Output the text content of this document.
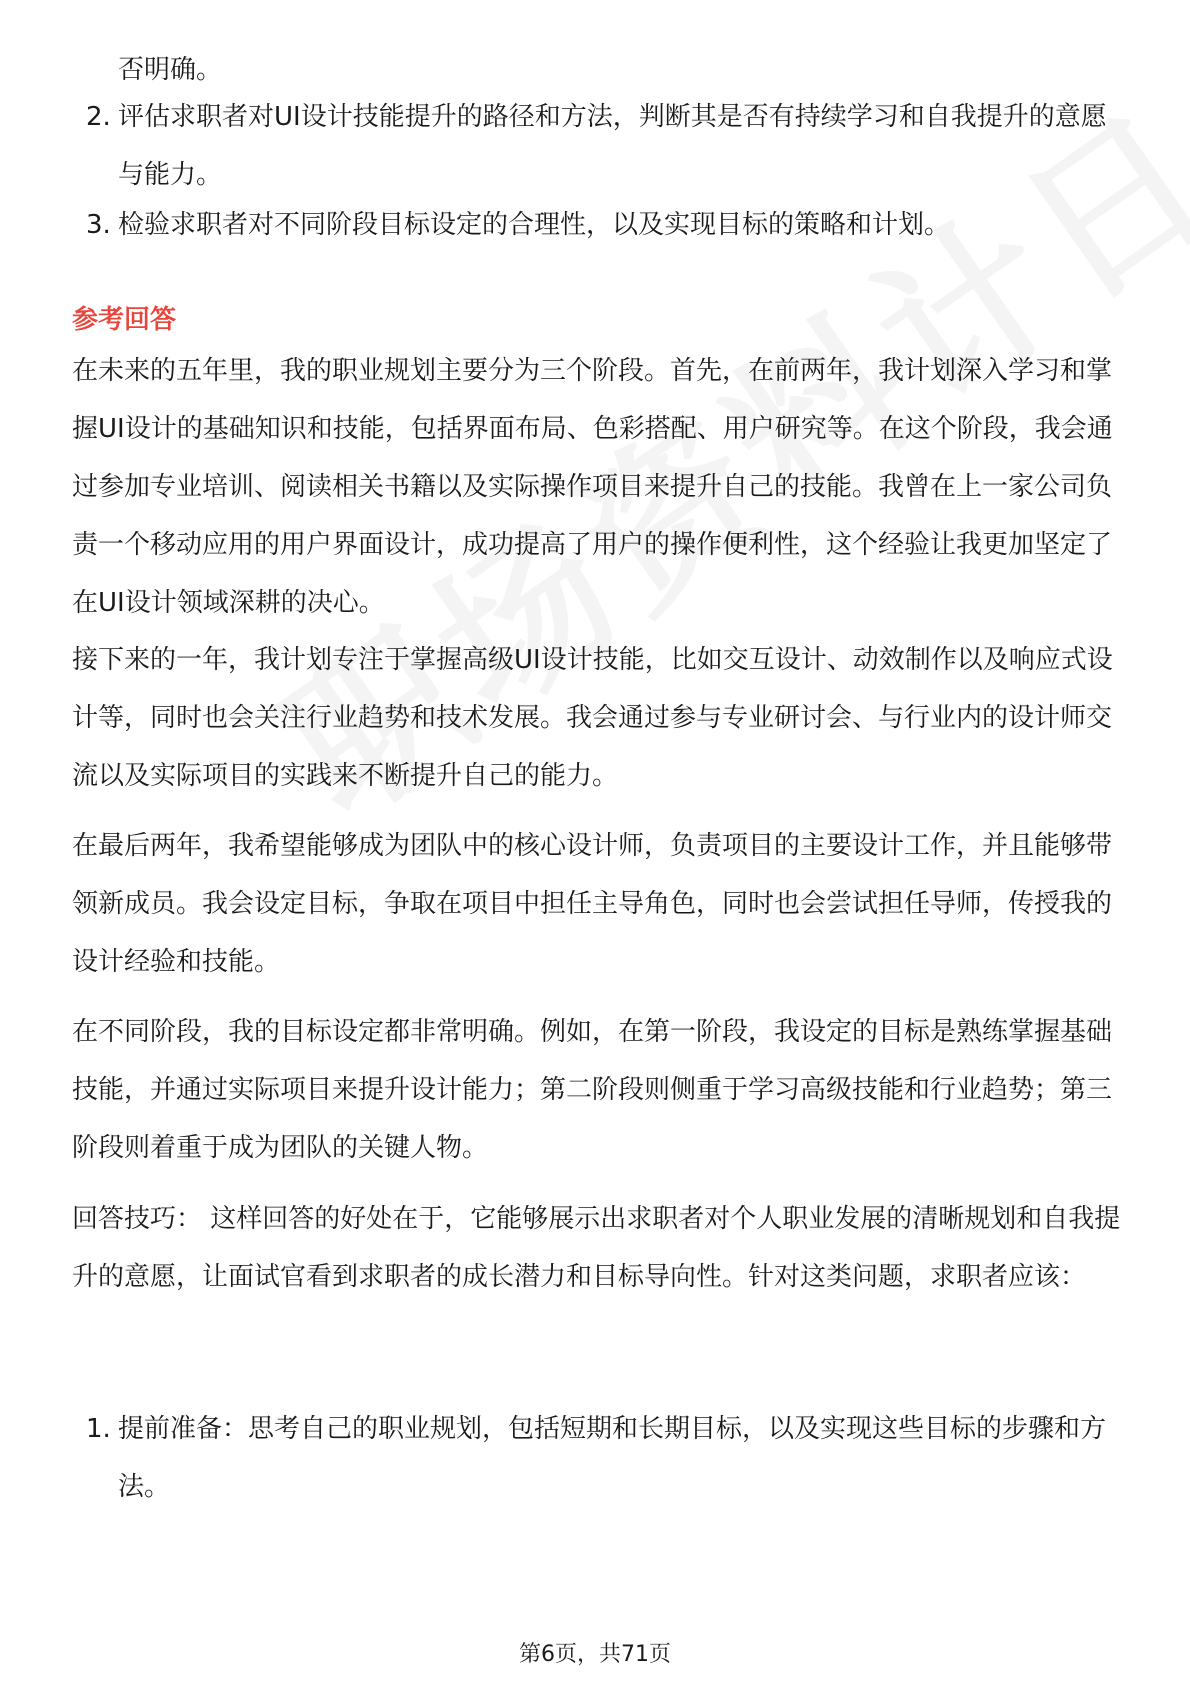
否明确。
2. 评估求职者对UI设计技能提升的路径和方法，判断其是否有持续学习和自我提升的意愿与能力。
3. 检验求职者对不同阶段目标设定的合理性，以及实现目标的策略和计划。
参考回答
在未来的五年里，我的职业规划主要分为三个阶段。首先，在前两年，我计划深入学习和掌握UI设计的基础知识和技能，包括界面布局、色彩搭配、用户研究等。在这个阶段，我会通过参加专业培训、阅读相关书籍以及实际操作项目来提升自己的技能。我曾在上一家公司负责一个移动应用的用户界面设计，成功提高了用户的操作便利性，这个经验让我更加坚定了在UI设计领域深耕的决心。
接下来的一年，我计划专注于掌握高级UI设计技能，比如交互设计、动效制作以及响应式设计等，同时也会关注行业趋势和技术发展。我会通过参与专业研讨会、与行业内的设计师交流以及实际项目的实践来不断提升自己的能力。
在最后两年，我希望能够成为团队中的核心设计师，负责项目的主要设计工作，并且能够带领新成员。我会设定目标，争取在项目中担任主导角色，同时也会尝试担任导师，传授我的设计经验和技能。
在不同阶段，我的目标设定都非常明确。例如，在第一阶段，我设定的目标是熟练掌握基础技能，并通过实际项目来提升设计能力；第二阶段则侧重于学习高级技能和行业趋势；第三阶段则着重于成为团队的关键人物。
回答技巧： 这样回答的好处在于，它能够展示出求职者对个人职业发展的清晰规划和自我提升的意愿，让面试官看到求职者的成长潜力和目标导向性。针对这类问题，求职者应该：
1. 提前准备：思考自己的职业规划，包括短期和长期目标，以及实现这些目标的步骤和方法。
第6页，共71页
